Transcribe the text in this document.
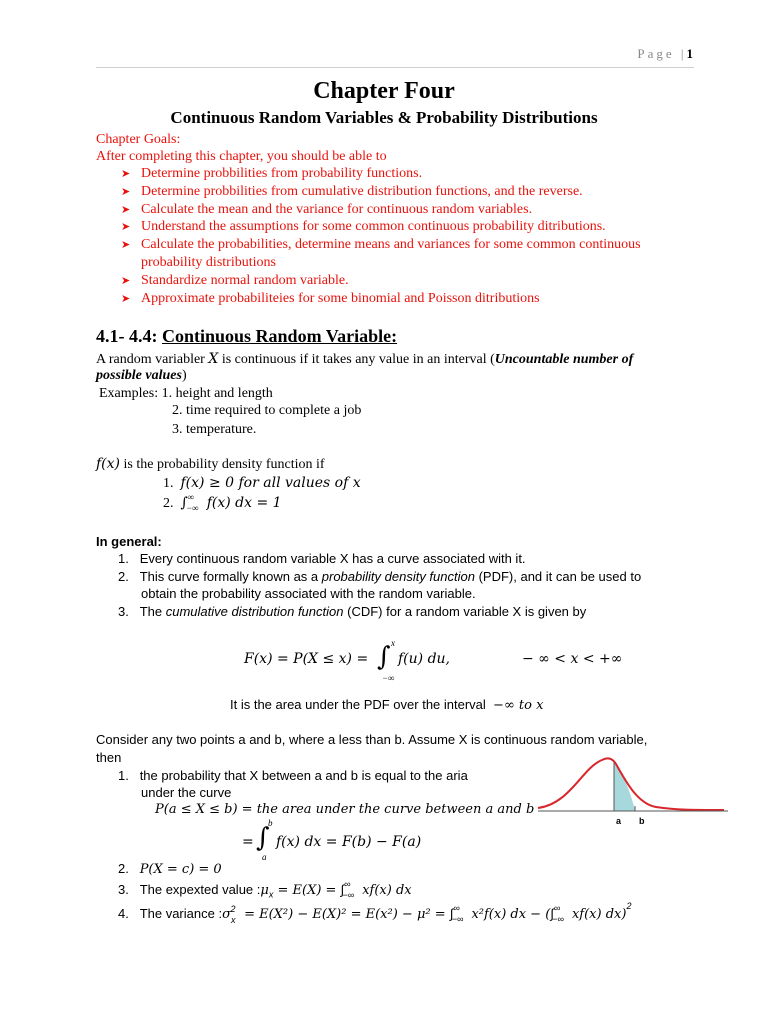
Page |1
Chapter Four
Continuous Random Variables & Probability Distributions
Chapter Goals:
After completing this chapter, you should be able to
➤ Determine probbilities from probability functions.
➤ Determine probbilities from cumulative distribution functions, and the reverse.
➤ Calculate the mean and the variance for continuous random variables.
➤ Understand the assumptions for some common continuous probability ditributions.
➤ Calculate the probabilities, determine means and variances for some common continuous
probability distributions
➤ Standardize normal random variable.
➤ Approximate probabiliteies for some binomial and Poisson ditributions
4.1- 4.4: Continuous Random Variable:
A random variabler X is continuous if it takes any value in an interval (Uncountable number of
possible values)
Examples: 1. height and length
2. time required to complete a job
3. temperature.
f(x) is the probability density function if
1. f(x) ≥ 0 for all values of x
2. $\int^\infty_{-\infty}$ f(x) dx = 1
In general:
1. Every continuous random variable X has a curve associated with it.
2. This curve formally known as a probability density function (PDF), and it can be used to
obtain the probability associated with the random variable.
3. The cumulative distribution function (CDF) for a random variable X is given by
F(x) = P(X ≤ x) = ∫ x
−∞
f(u) du,	− ∞ < x < +∞
It is the area under the PDF over the interval −∞ to x
Consider any two points a and b, where a less than b. Assume X is continuous random variable,
then
1. the probability that X between a and b is equal to the aria
under the curve
P(a ≤ X ≤ b) = the area under the curve between a and b
= ∫
b
a
f(x) dx = F(b) − F(a)
2. P(X = c) = 0
3. The expexted value $:\mu_x = E(X) = \int^\infty_{-\infty}$ xf(x) dx
4. The variance $:\sigma_x^2 = E(X^2) - E(X)^2 = E(x^2) - \mu^2 = \int^\infty_{-\infty}$ x²f(x) dx − ($\int^\infty_{-\infty}$ xf(x) dx)$^2$
a b
